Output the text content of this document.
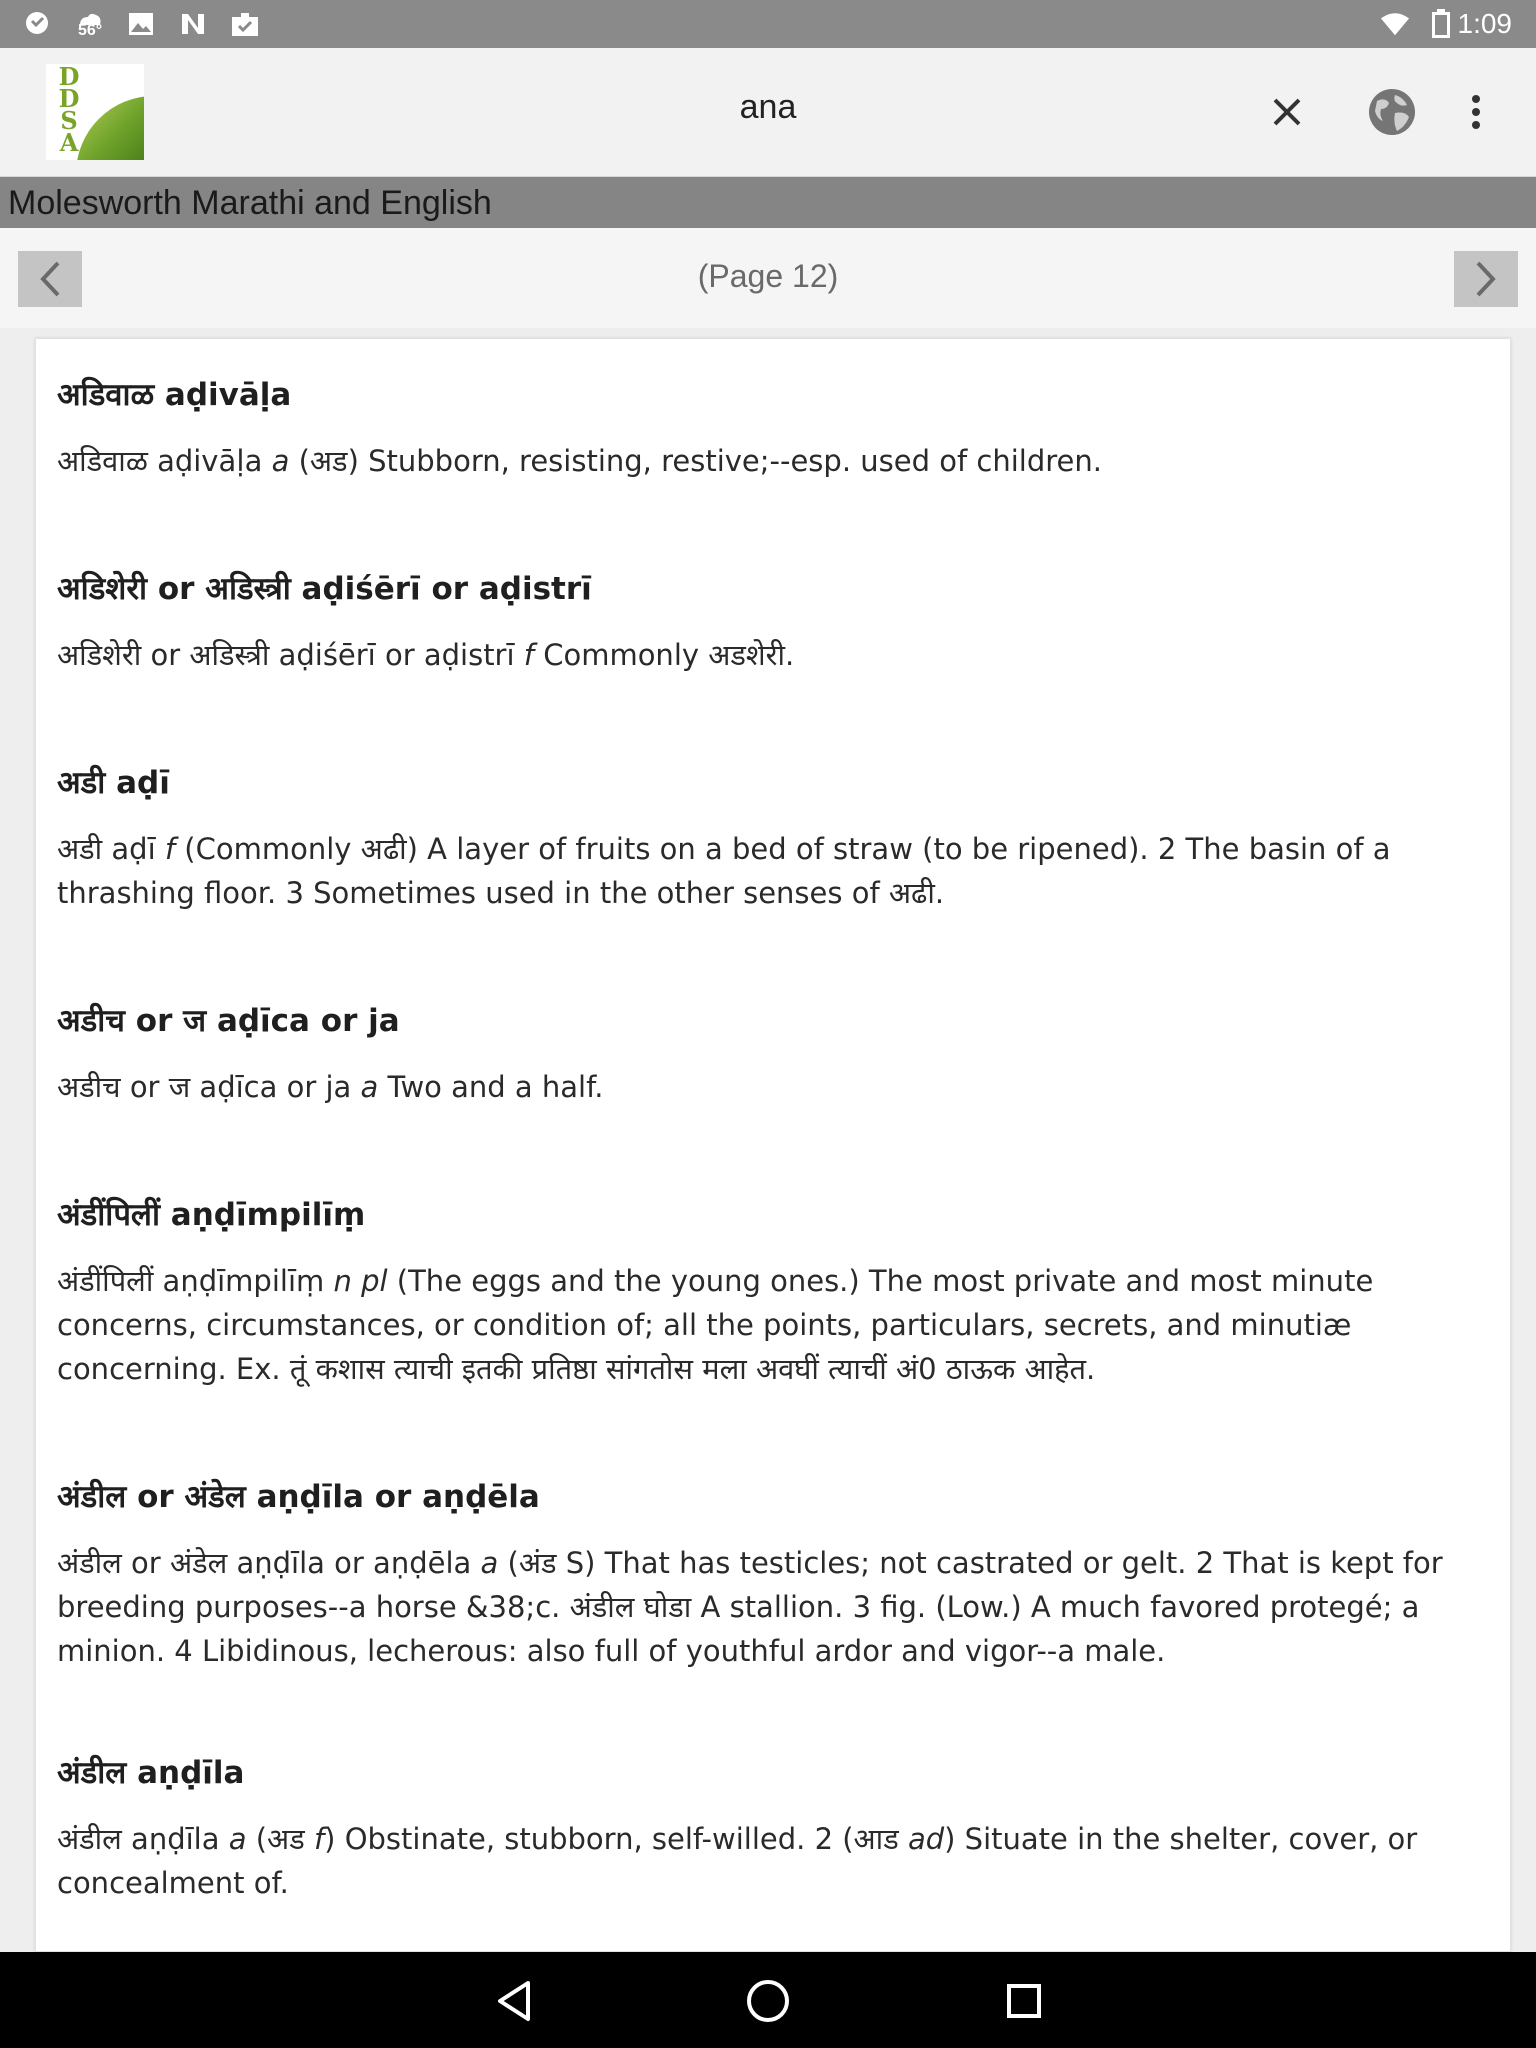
56°	1:09
D
D
S
A
ana
Molesworth Marathi and English
(Page 12)
अडिवाळ aḍivāḷa

अडिवाळ aḍivāḷa a (अड) Stubborn, resisting, restive;--esp. used of children.

अडिशेरी or अडिस्त्री aḍiśērī or aḍistrī

अडिशेरी or अडिस्त्री aḍiśērī or aḍistrī f Commonly अडशेरी.

अडी aḍī

अडी aḍī f (Commonly अढी) A layer of fruits on a bed of straw (to be ripened). 2 The basin of a thrashing floor. 3 Sometimes used in the other senses of अढी.

अडीच or ज aḍīca or ja

अडीच or ज aḍīca or ja a Two and a half.

अंडींपिलीं aṇḍīmpilīṃ

अंडींपिलीं aṇḍīmpilīṃ n pl (The eggs and the young ones.) The most private and most minute concerns, circumstances, or condition of; all the points, particulars, secrets, and minutiæ concerning. Ex. तूं कशास त्याची इतकी प्रतिष्ठा सांगतोस मला अवघीं त्याचीं अं0 ठाऊक आहेत.

अंडील or अंडेल aṇḍīla or aṇḍēla

अंडील or अंडेल aṇḍīla or aṇḍēla a (अंड S) That has testicles; not castrated or gelt. 2 That is kept for breeding purposes--a horse &38;c. अंडील घोडा A stallion. 3 fig. (Low.) A much favored protegé; a minion. 4 Libidinous, lecherous: also full of youthful ardor and vigor--a male.

अंडील aṇḍīla

अंडील aṇḍīla a (अड f) Obstinate, stubborn, self-willed. 2 (आड ad) Situate in the shelter, cover, or concealment of.
